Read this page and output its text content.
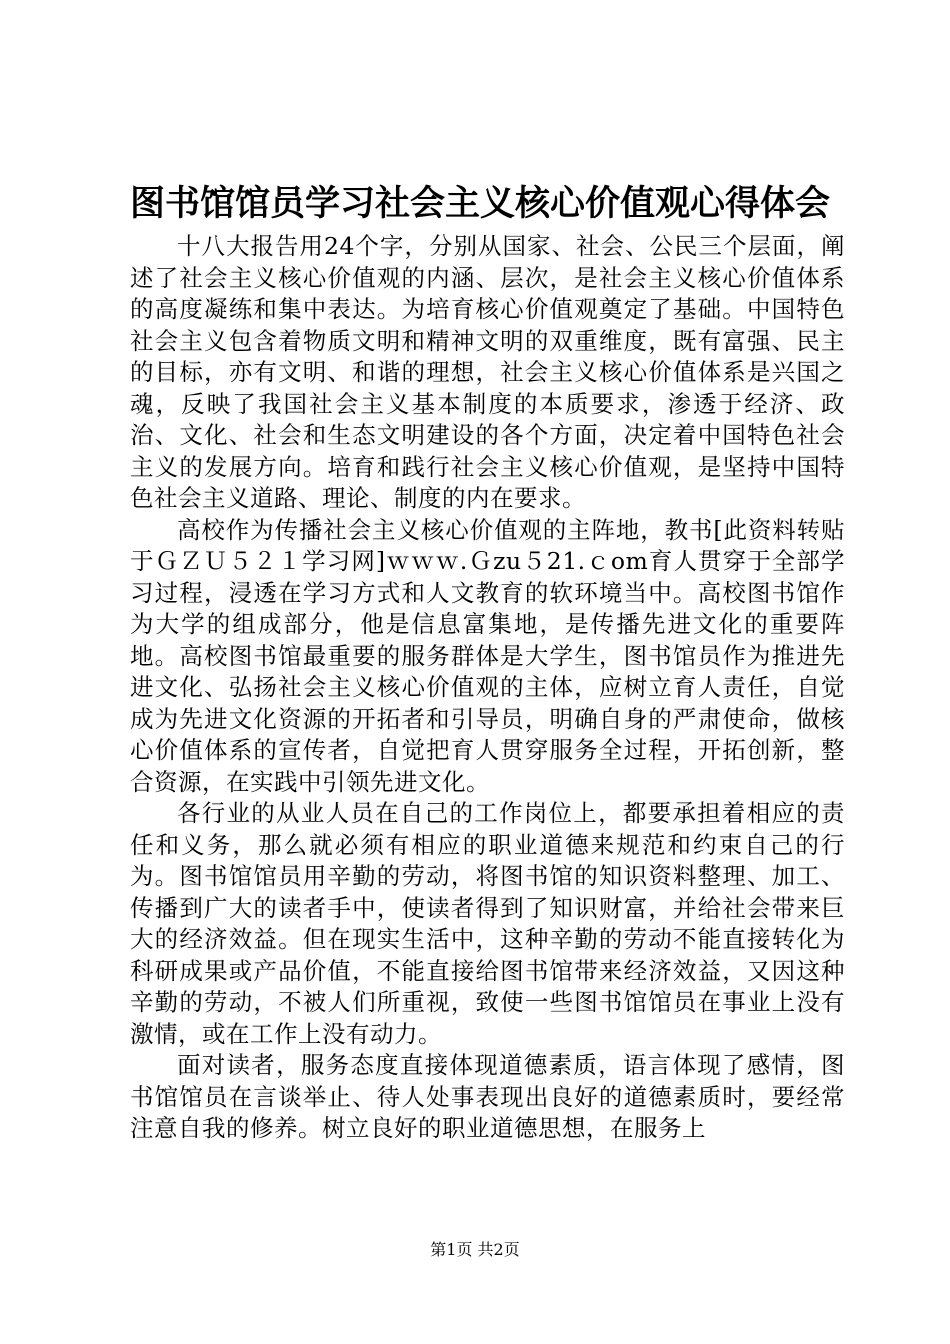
图书馆馆员学习社会主义核心价值观心得体会

十八大报告用24个字，分别从国家、社会、公民三个层面，阐述了社会主义核心价值观的内涵、层次，是社会主义核心价值体系的高度凝练和集中表达。为培育核心价值观奠定了基础。中国特色社会主义包含着物质文明和精神文明的双重维度，既有富强、民主的目标，亦有文明、和谐的理想，社会主义核心价值体系是兴国之魂，反映了我国社会主义基本制度的本质要求，渗透于经济、政治、文化、社会和生态文明建设的各个方面，决定着中国特色社会主义的发展方向。培育和践行社会主义核心价值观，是坚持中国特色社会主义道路、理论、制度的内在要求。

高校作为传播社会主义核心价值观的主阵地，教书[此资料转贴于ＧＺＵ５２１学习网]ｗｗｗ.Ｇzu５21.ｃom育人贯穿于全部学习过程，浸透在学习方式和人文教育的软环境当中。高校图书馆作为大学的组成部分，他是信息富集地，是传播先进文化的重要阵地。高校图书馆最重要的服务群体是大学生，图书馆员作为推进先进文化、弘扬社会主义核心价值观的主体，应树立育人责任，自觉成为先进文化资源的开拓者和引导员，明确自身的严肃使命，做核心价值体系的宣传者，自觉把育人贯穿服务全过程，开拓创新，整合资源，在实践中引领先进文化。

各行业的从业人员在自己的工作岗位上，都要承担着相应的责任和义务，那么就必须有相应的职业道德来规范和约束自己的行为。图书馆馆员用辛勤的劳动，将图书馆的知识资料整理、加工、传播到广大的读者手中，使读者得到了知识财富，并给社会带来巨大的经济效益。但在现实生活中，这种辛勤的劳动不能直接转化为科研成果或产品价值，不能直接给图书馆带来经济效益，又因这种辛勤的劳动，不被人们所重视，致使一些图书馆馆员在事业上没有激情，或在工作上没有动力。

面对读者，服务态度直接体现道德素质，语言体现了感情，图书馆馆员在言谈举止、待人处事表现出良好的道德素质时，要经常注意自我的修养。树立良好的职业道德思想，在服务上

第1页 共2页
